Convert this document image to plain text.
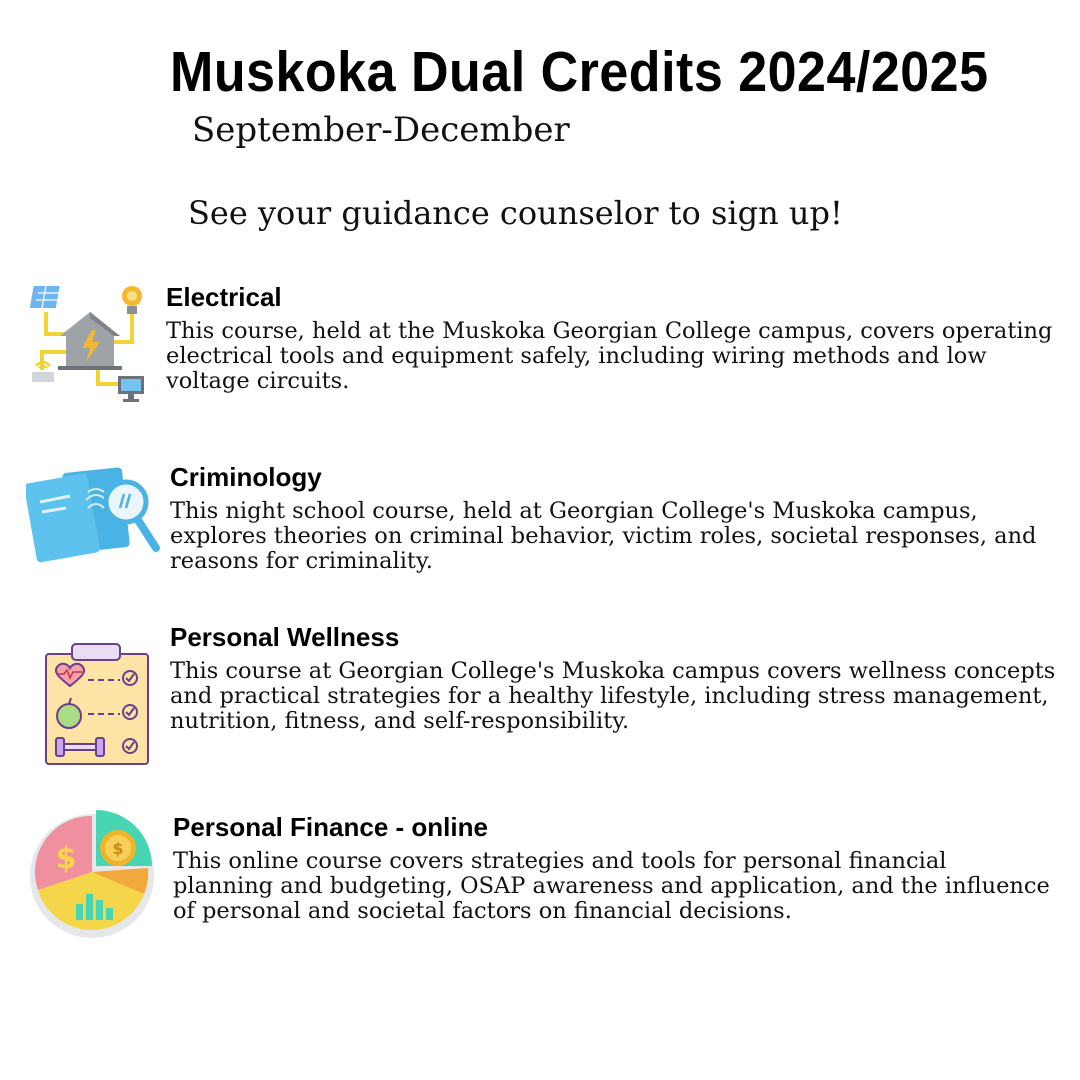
Muskoka Dual Credits 2024/2025
September-December
See your guidance counselor to sign up!
Electrical

This course, held at the Muskoka Georgian College campus, covers operating electrical tools and equipment safely, including wiring methods and low voltage circuits.

Criminology

This night school course, held at Georgian College's Muskoka campus, explores theories on criminal behavior, victim roles, societal responses, and reasons for criminality.

Personal Wellness

This course at Georgian College's Muskoka campus covers wellness concepts and practical strategies for a healthy lifestyle, including stress management, nutrition, fitness, and self-responsibility.

$
$
Personal Finance - online

This online course covers strategies and tools for personal financial planning and budgeting, OSAP awareness and application, and the influence of personal and societal factors on financial decisions.
